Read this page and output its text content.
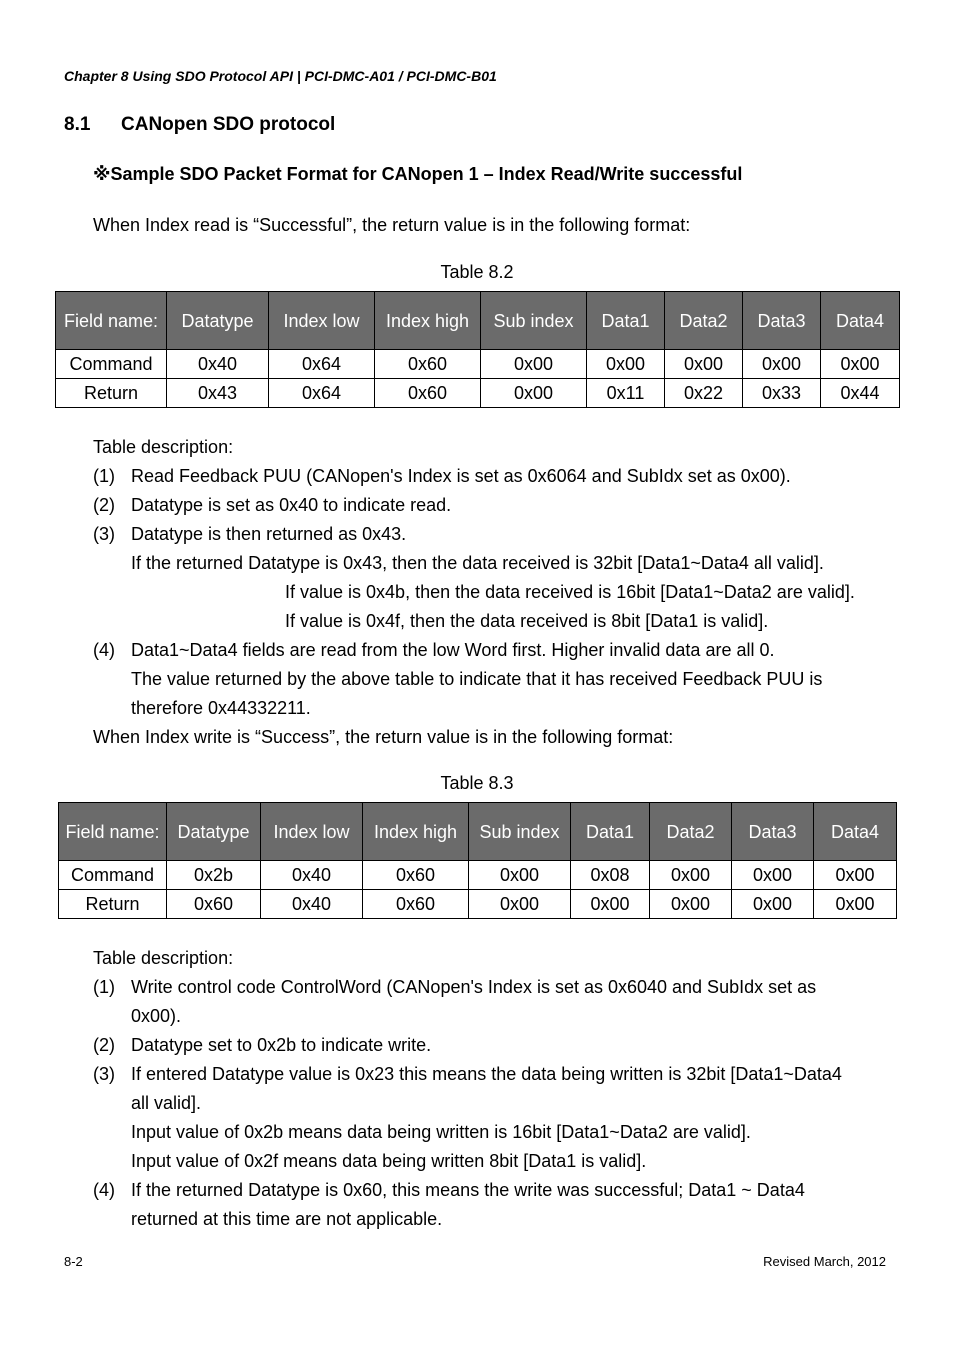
Chapter 8 Using SDO Protocol API | PCI-DMC-A01 / PCI-DMC-B01
8.1 CANopen SDO protocol
※Sample SDO Packet Format for CANopen 1 – Index Read/Write successful
When Index read is “Successful”, the return value is in the following format:
Table 8.2
Field name:	Datatype	Index low	Index high	Sub index	Data1	Data2	Data3	Data4
Command	0x40	0x64	0x60	0x00	0x00	0x00	0x00	0x00
Return	0x43	0x64	0x60	0x00	0x11	0x22	0x33	0x44
Table description:
(1) Read Feedback PUU (CANopen's Index is set as 0x6064 and SubIdx set as 0x00).
(2) Datatype is set as 0x40 to indicate read.
(3) Datatype is then returned as 0x43.
If the returned Datatype is 0x43, then the data received is 32bit [Data1~Data4 all valid].
If value is 0x4b, then the data received is 16bit [Data1~Data2 are valid].
If value is 0x4f, then the data received is 8bit [Data1 is valid].
(4) Data1~Data4 fields are read from the low Word first. Higher invalid data are all 0.
The value returned by the above table to indicate that it has received Feedback PUU is
therefore 0x44332211.
When Index write is “Success”, the return value is in the following format:
Table 8.3
Field name:	Datatype	Index low	Index high	Sub index	Data1	Data2	Data3	Data4
Command	0x2b	0x40	0x60	0x00	0x08	0x00	0x00	0x00
Return	0x60	0x40	0x60	0x00	0x00	0x00	0x00	0x00
Table description:
(1) Write control code ControlWord (CANopen's Index is set as 0x6040 and SubIdx set as
0x00).
(2) Datatype set to 0x2b to indicate write.
(3) If entered Datatype value is 0x23 this means the data being written is 32bit [Data1~Data4
all valid].
Input value of 0x2b means data being written is 16bit [Data1~Data2 are valid].
Input value of 0x2f means data being written 8bit [Data1 is valid].
(4) If the returned Datatype is 0x60, this means the write was successful; Data1 ~ Data4
returned at this time are not applicable.
8-2	Revised March, 2012
